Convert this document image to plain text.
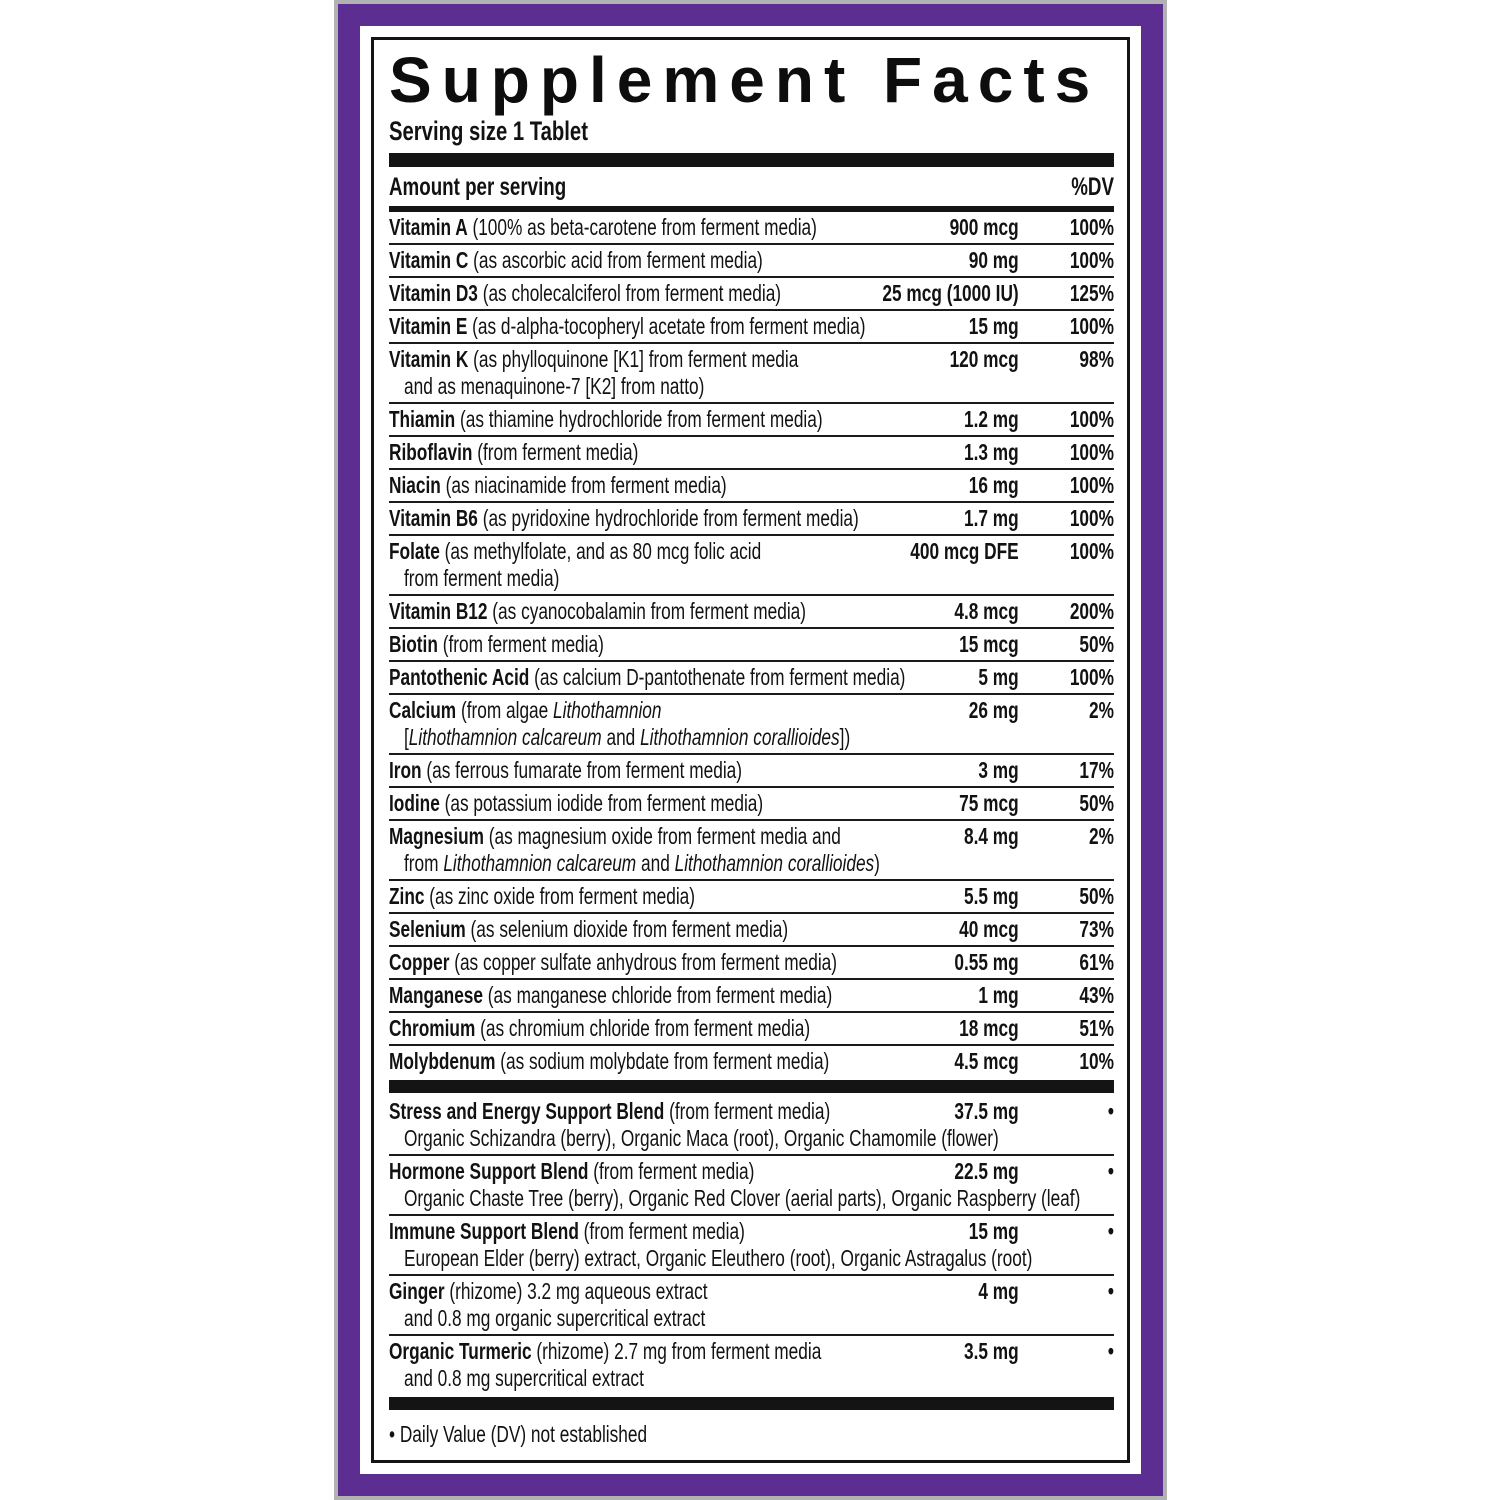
Supplement Facts
Serving size 1 Tablet
Amount per serving	%DV
Vitamin A (100% as beta-carotene from ferment media)	900 mcg	100%
Vitamin C (as ascorbic acid from ferment media)	90 mg	100%
Vitamin D3 (as cholecalciferol from ferment media)	25 mcg (1000 IU)	125%
Vitamin E (as d-alpha-tocopheryl acetate from ferment media)	15 mg	100%
Vitamin K (as phylloquinone [K1] from ferment media	120 mcg	98%
and as menaquinone-7 [K2] from natto)
Thiamin (as thiamine hydrochloride from ferment media)	1.2 mg	100%
Riboflavin (from ferment media)	1.3 mg	100%
Niacin (as niacinamide from ferment media)	16 mg	100%
Vitamin B6 (as pyridoxine hydrochloride from ferment media)	1.7 mg	100%
Folate (as methylfolate, and as 80 mcg folic acid	400 mcg DFE	100%
from ferment media)
Vitamin B12 (as cyanocobalamin from ferment media)	4.8 mcg	200%
Biotin (from ferment media)	15 mcg	50%
Pantothenic Acid (as calcium D-pantothenate from ferment media)	5 mg	100%
Calcium (from algae Lithothamnion	26 mg	2%
[Lithothamnion calcareum and Lithothamnion corallioides])
Iron (as ferrous fumarate from ferment media)	3 mg	17%
Iodine (as potassium iodide from ferment media)	75 mcg	50%
Magnesium (as magnesium oxide from ferment media and	8.4 mg	2%
from Lithothamnion calcareum and Lithothamnion corallioides)
Zinc (as zinc oxide from ferment media)	5.5 mg	50%
Selenium (as selenium dioxide from ferment media)	40 mcg	73%
Copper (as copper sulfate anhydrous from ferment media)	0.55 mg	61%
Manganese (as manganese chloride from ferment media)	1 mg	43%
Chromium (as chromium chloride from ferment media)	18 mcg	51%
Molybdenum (as sodium molybdate from ferment media)	4.5 mcg	10%
Stress and Energy Support Blend (from ferment media)	37.5 mg	•
Organic Schizandra (berry), Organic Maca (root), Organic Chamomile (flower)
Hormone Support Blend (from ferment media)	22.5 mg	•
Organic Chaste Tree (berry), Organic Red Clover (aerial parts), Organic Raspberry (leaf)
Immune Support Blend (from ferment media)	15 mg	•
European Elder (berry) extract, Organic Eleuthero (root), Organic Astragalus (root)
Ginger (rhizome) 3.2 mg aqueous extract	4 mg	•
and 0.8 mg organic supercritical extract
Organic Turmeric (rhizome) 2.7 mg from ferment media	3.5 mg	•
and 0.8 mg supercritical extract
• Daily Value (DV) not established
